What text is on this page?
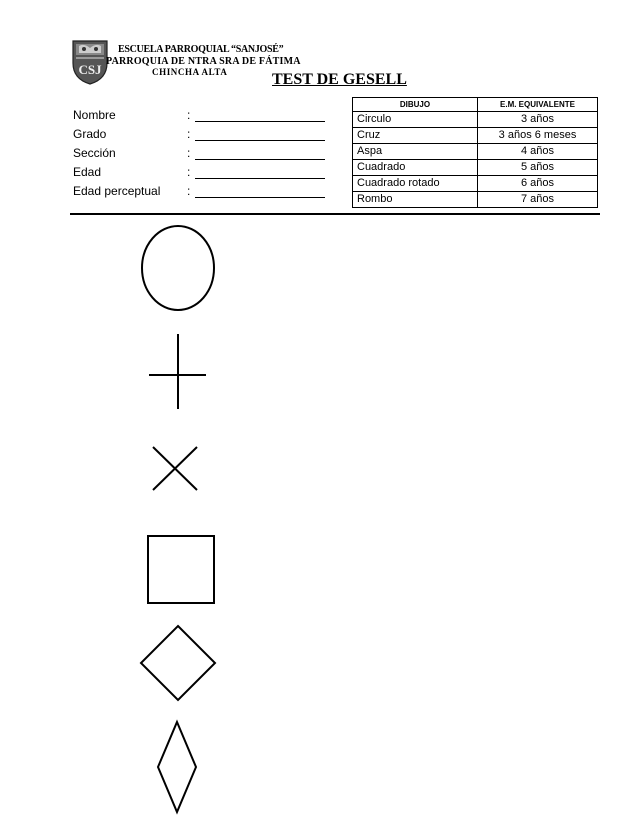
CSJ
ESCUELA PARROQUIAL “SANJOSÉ”
PARROQUIA DE NTRA SRA DE FÁTIMA
CHINCHA ALTA	TEST DE GESELL
Nombre	:
Grado	:
Sección	:
Edad	:
Edad perceptual :
DIBUJO	E.M. EQUIVALENTE
Circulo	3 años
Cruz	3 años 6 meses
Aspa	4 años
Cuadrado	5 años
Cuadrado rotado	6 años
Rombo	7 años
